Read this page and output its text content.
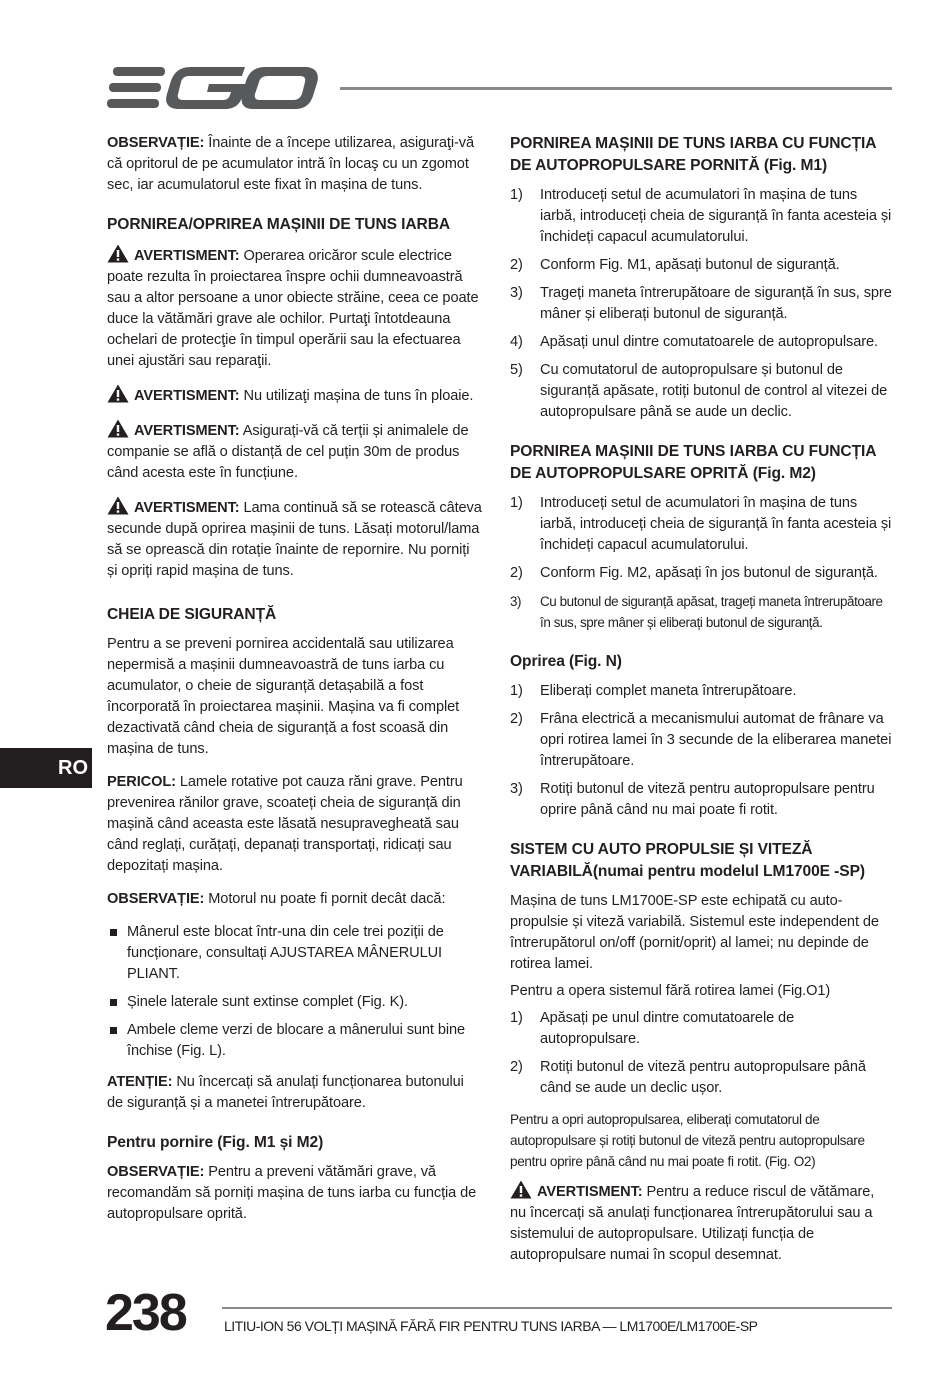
OBSERVAȚIE: Înainte de a începe utilizarea, asiguraţi-vă că opritorul de pe acumulator intră în locaş cu un zgomot sec, iar acumulatorul este fixat în mașina de tuns.

PORNIREA/OPRIREA MAȘINII DE TUNS IARBA

AVERTISMENT: Operarea oricăror scule electrice poate rezulta în proiectarea înspre ochii dumneavoastră sau a altor persoane a unor obiecte străine, ceea ce poate duce la vătămări grave ale ochilor. Purtaţi întotdeauna ochelari de protecţie în timpul operării sau la efectuarea unei ajustări sau reparaţii.

AVERTISMENT: Nu utilizaţi mașina de tuns în ploaie.

AVERTISMENT: Asigurați-vă că terții și animalele de companie se află o distanță de cel puțin 30m de produs când acesta este în funcțiune.

AVERTISMENT: Lama continuă să se rotească câteva secunde după oprirea mașinii de tuns. Lăsați motorul/lama să se oprească din rotație înainte de repornire. Nu porniți și opriți rapid mașina de tuns.

CHEIA DE SIGURANȚĂ

Pentru a se preveni pornirea accidentală sau utilizarea nepermisă a mașinii dumneavoastră de tuns iarba cu acumulator, o cheie de siguranță detașabilă a fost încorporată în proiectarea mașinii. Mașina va fi complet dezactivată când cheia de siguranță a fost scoasă din mașina de tuns.

PERICOL: Lamele rotative pot cauza răni grave. Pentru prevenirea rănilor grave, scoateți cheia de siguranță din mașină când aceasta este lăsată nesupravegheată sau când reglați, curățați, depanați transportați, ridicați sau depozitați mașina.

OBSERVAȚIE: Motorul nu poate fi pornit decât dacă:

Mânerul este blocat într-una din cele trei poziții de funcționare, consultați AJUSTAREA MÂNERULUI PLIANT.
Șinele laterale sunt extinse complet (Fig. K).
Ambele cleme verzi de blocare a mânerului sunt bine închise (Fig. L).

ATENȚIE: Nu încercați să anulați funcționarea butonului de siguranță și a manetei întrerupătoare.

Pentru pornire (Fig. M1 și M2)

OBSERVAȚIE: Pentru a preveni vătămări grave, vă recomandăm să porniți mașina de tuns iarba cu funcția de autopropulsare oprită.

RO
PORNIREA MAȘINII DE TUNS IARBA CU FUNCȚIA DE AUTOPROPULSARE PORNITĂ (Fig. M1)
1) Introduceți setul de acumulatori în mașina de tuns iarbă, introduceți cheia de siguranță în fanta acesteia și închideți capacul acumulatorului.
2) Conform Fig. M1, apăsați butonul de siguranță.
3) Trageți maneta întrerupătoare de siguranță în sus, spre mâner și eliberați butonul de siguranță.
4) Apăsați unul dintre comutatoarele de autopropulsare.
5) Cu comutatorul de autopropulsare și butonul de siguranță apăsate, rotiți butonul de control al vitezei de autopropulsare până se aude un declic.
PORNIREA MAȘINII DE TUNS IARBA CU FUNCȚIA DE AUTOPROPULSARE OPRITĂ (Fig. M2)
1) Introduceți setul de acumulatori în mașina de tuns iarbă, introduceți cheia de siguranță în fanta acesteia și închideți capacul acumulatorului.
2) Conform Fig. M2, apăsați în jos butonul de siguranță.
3) Cu butonul de siguranță apăsat, trageți maneta întrerupătoare în sus, spre mâner și eliberați butonul de siguranță.
Oprirea (Fig. N)
1) Eliberați complet maneta întrerupătoare.
2) Frâna electrică a mecanismului automat de frânare va opri rotirea lamei în 3 secunde de la eliberarea manetei întrerupătoare.
3) Rotiți butonul de viteză pentru autopropulsare pentru oprire până când nu mai poate fi rotit.
SISTEM CU AUTO PROPULSIE ȘI VITEZĂ VARIABILĂ(numai pentru modelul LM1700E -SP)

Mașina de tuns LM1700E-SP este echipată cu auto-propulsie și viteză variabilă. Sistemul este independent de întrerupătorul on/off (pornit/oprit) al lamei; nu depinde de rotirea lamei.

Pentru a opera sistemul fără rotirea lamei (Fig.O1)

1) Apăsați pe unul dintre comutatoarele de autopropulsare.
2) Rotiți butonul de viteză pentru autopropulsare până când se aude un declic ușor.

Pentru a opri autopropulsarea, eliberați comutatorul de autopropulsare și rotiți butonul de viteză pentru autopropulsare pentru oprire până când nu mai poate fi rotit. (Fig. O2)

AVERTISMENT: Pentru a reduce riscul de vătămare, nu încercați să anulați funcționarea întrerupătorului sau a sistemului de autopropulsare. Utilizați funcția de autopropulsare numai în scopul desemnat.

238	LITIU-ION 56 VOLȚI MAȘINĂ FĂRĂ FIR PENTRU TUNS IARBA — LM1700E/LM1700E-SP
